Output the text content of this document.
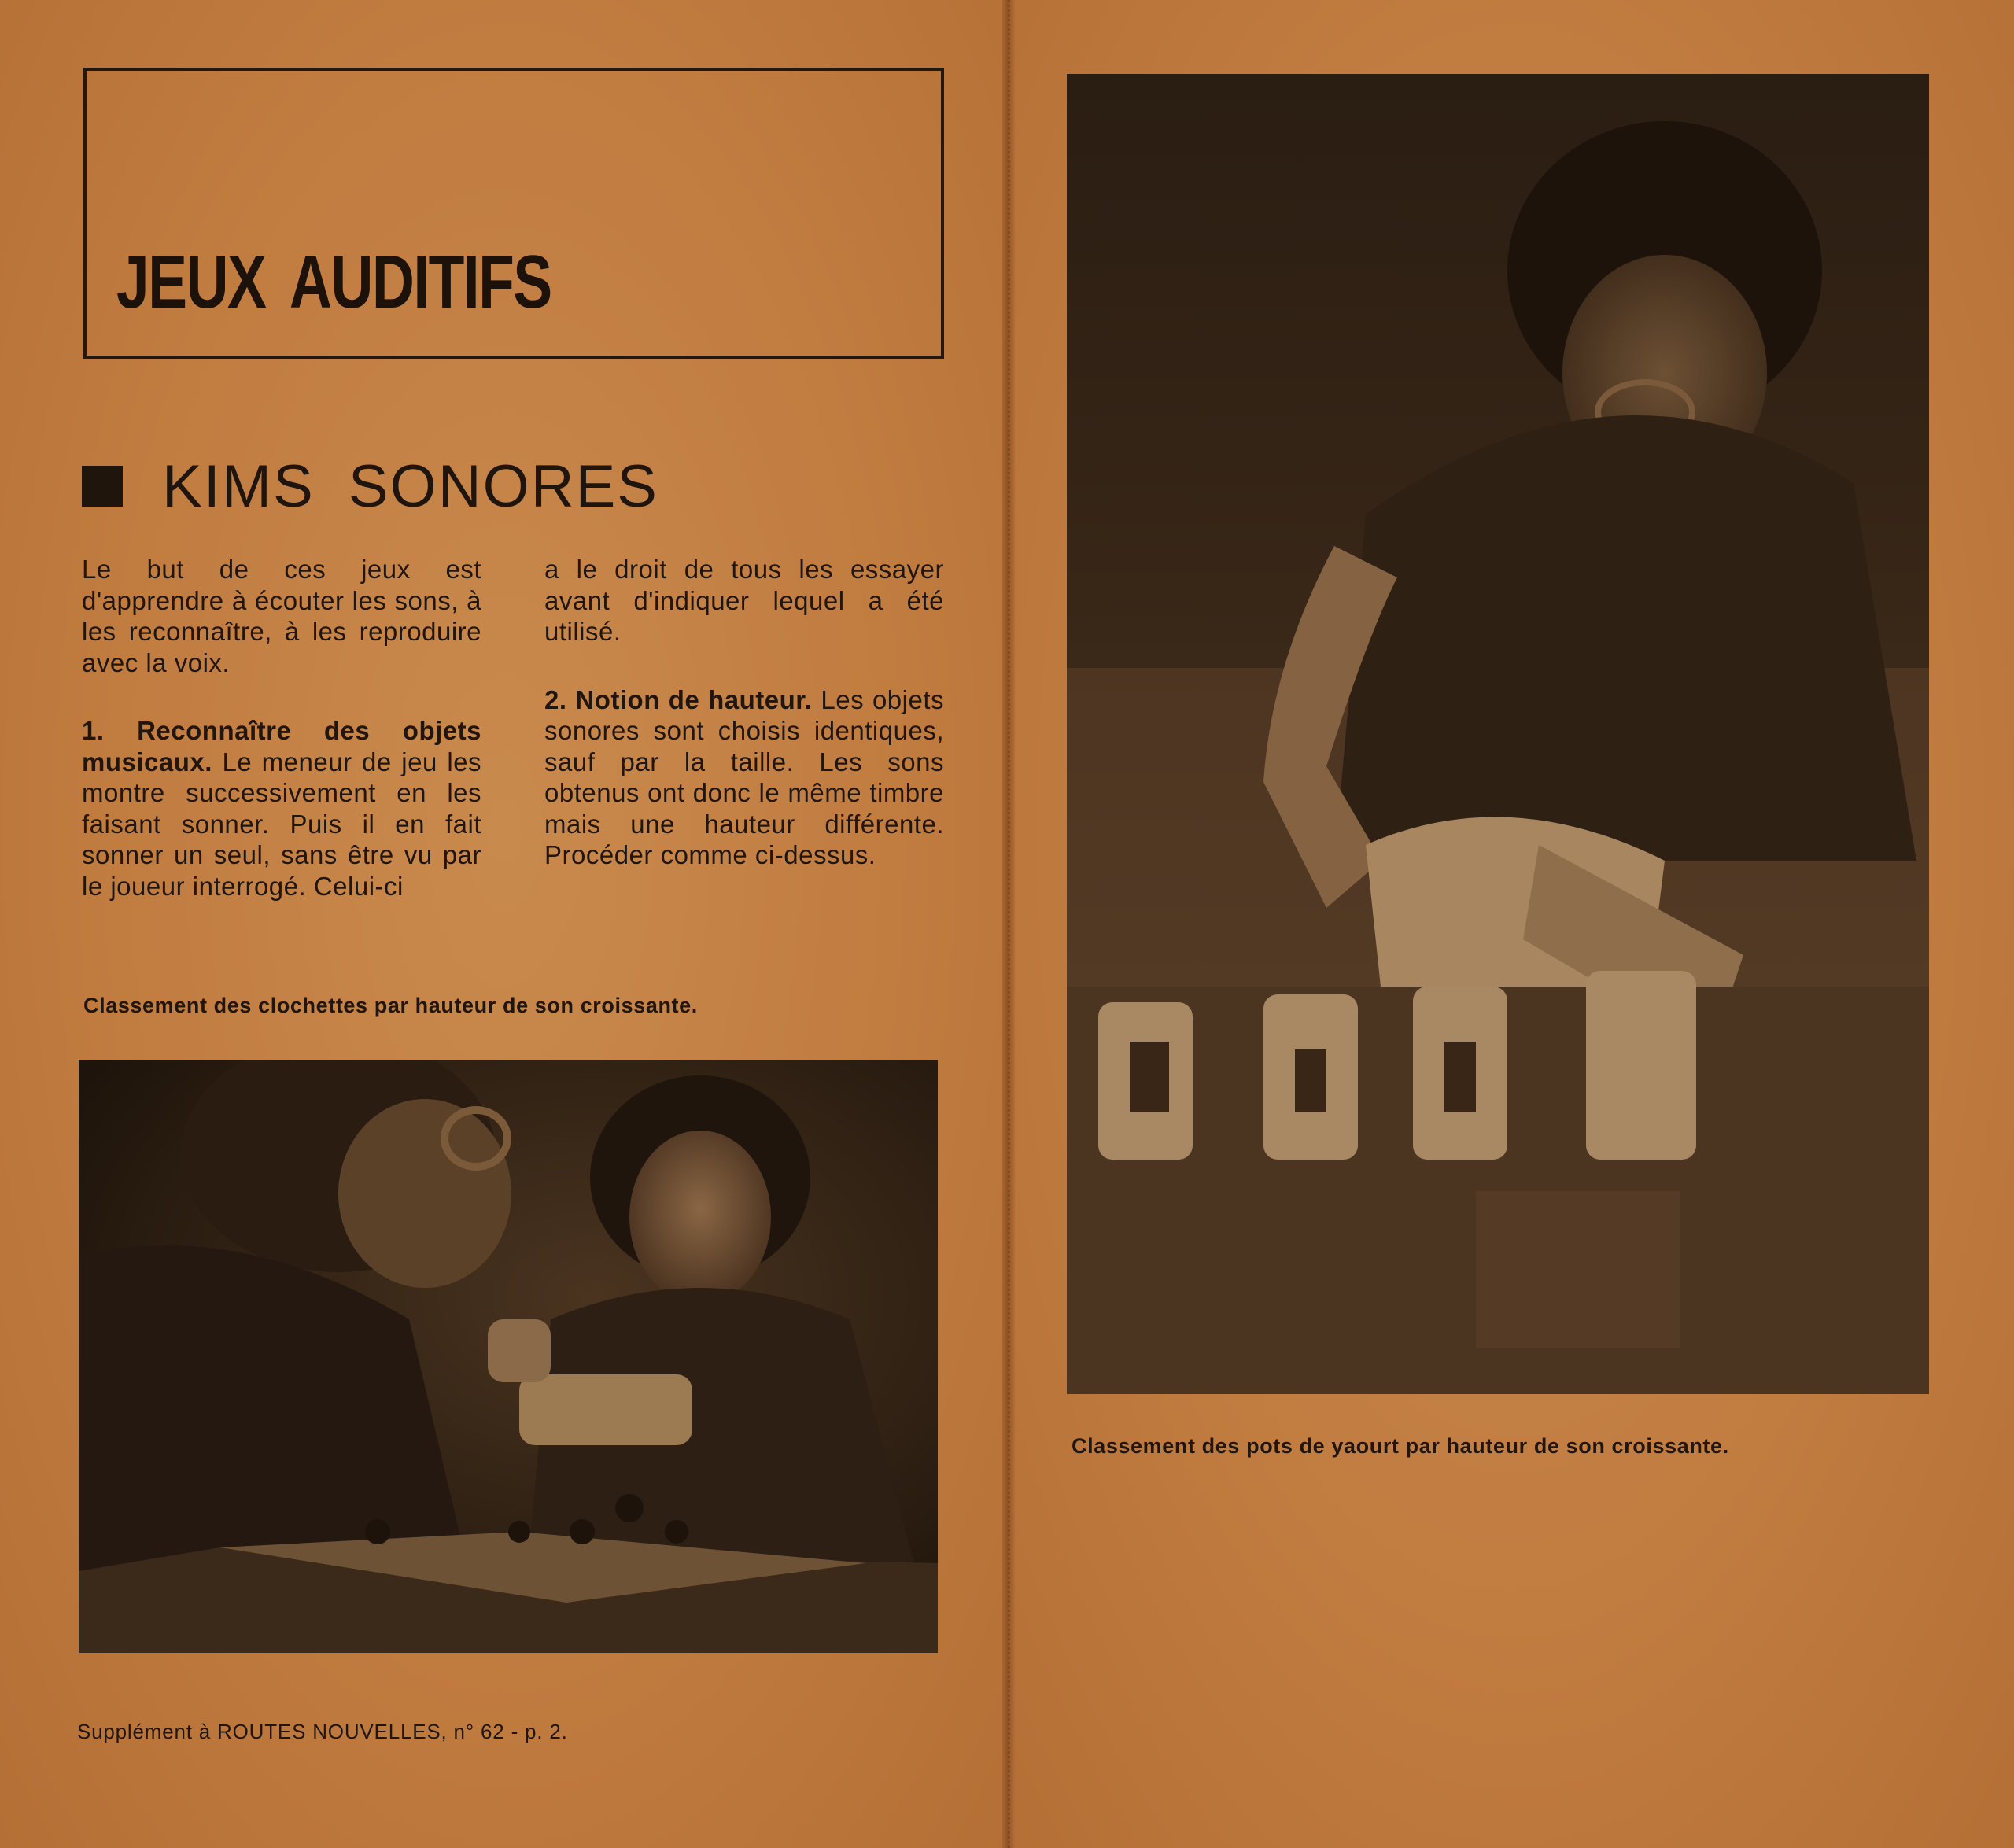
JEUX AUDITIFS
KIMS SONORES

Le but de ces jeux est d'apprendre à écouter les sons, à les reconnaître, à les reproduire avec la voix.

1. Reconnaître des objets musicaux. Le meneur de jeu les montre successivement en les faisant sonner. Puis il en fait sonner un seul, sans être vu par le joueur interrogé. Celui-ci

a le droit de tous les essayer avant d'indiquer lequel a été utilisé.

2. Notion de hauteur. Les objets sonores sont choisis identiques, sauf par la taille. Les sons obtenus ont donc le même timbre mais une hauteur différente. Procéder comme ci-dessus.

Classement des clochettes par hauteur de son croissante.
Supplément à ROUTES NOUVELLES, n° 62 - p. 2.
Classement des pots de yaourt par hauteur de son croissante.
